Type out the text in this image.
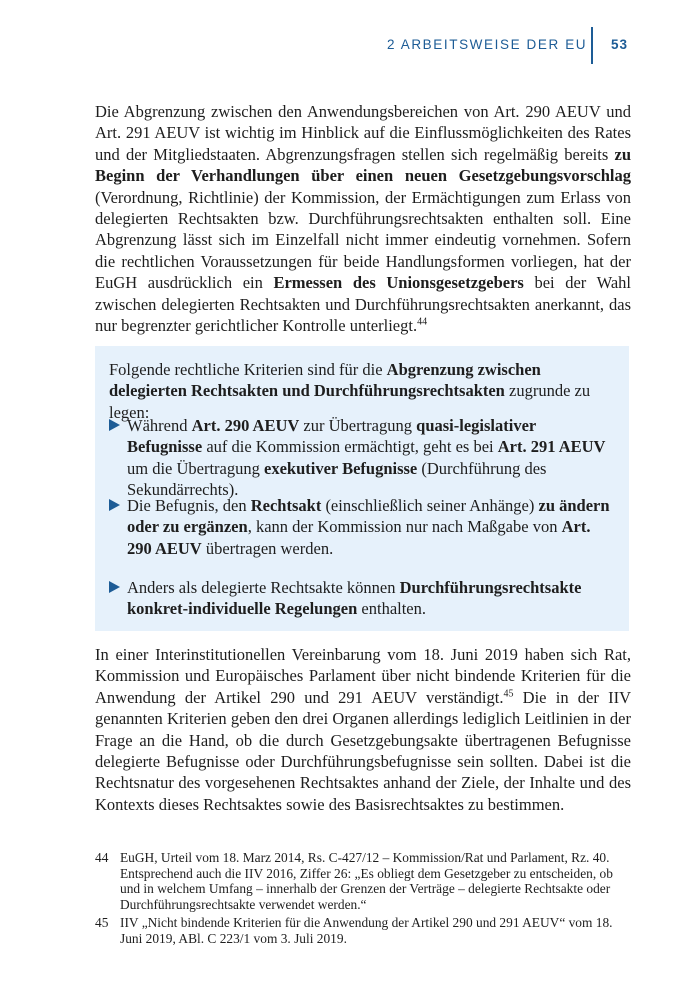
2 ARBEITSWEISE DER EU 53

Die Abgrenzung zwischen den Anwendungsbereichen von Art. 290 AEUV und Art. 291 AEUV ist wichtig im Hinblick auf die Einflussmöglichkeiten des Rates und der Mitgliedstaaten. Abgrenzungsfragen stellen sich regelmäßig bereits zu Beginn der Verhandlungen über einen neuen Gesetzgebungsvorschlag (Verordnung, Richtlinie) der Kommission, der Ermächtigungen zum Erlass von delegierten Rechtsakten bzw. Durchführungsrechtsakten enthalten soll. Eine Abgrenzung lässt sich im Einzelfall nicht immer eindeutig vornehmen. Sofern die rechtlichen Voraussetzungen für beide Handlungsformen vorliegen, hat der EuGH ausdrücklich ein Ermessen des Unionsgesetzgebers bei der Wahl zwischen delegierten Rechtsakten und Durchführungsrechtsakten anerkannt, das nur begrenzter gerichtlicher Kontrolle unterliegt.$^{44}$

Folgende rechtliche Kriterien sind für die Abgrenzung zwischen delegierten Rechtsakten und Durchführungsrechtsakten zugrunde zu legen:

Während Art. 290 AEUV zur Übertragung quasi-legislativer Befugnisse auf die Kommission ermächtigt, geht es bei Art. 291 AEUV um die Übertragung exekutiver Befugnisse (Durchführung des Sekundärrechts).

Die Befugnis, den Rechtsakt (einschließlich seiner Anhänge) zu ändern oder zu ergänzen, kann der Kommission nur nach Maßgabe von Art. 290 AEUV übertragen werden.

Anders als delegierte Rechtsakte können Durchführungsrechtsakte konkret-individuelle Regelungen enthalten.

In einer Interinstitutionellen Vereinbarung vom 18. Juni 2019 haben sich Rat, Kommission und Europäisches Parlament über nicht bindende Kriterien für die Anwendung der Artikel 290 und 291 AEUV verständigt.$^{45}$ Die in der IIV genannten Kriterien geben den drei Organen allerdings lediglich Leitlinien in der Frage an die Hand, ob die durch Gesetzgebungsakte übertragenen Befugnisse delegierte Befugnisse oder Durchführungsbefugnisse sein sollten. Dabei ist die Rechtsnatur des vorgesehenen Rechtsaktes anhand der Ziele, der Inhalte und des Kontexts dieses Rechtsaktes sowie des Basisrechtsaktes zu bestimmen.

44 EuGH, Urteil vom 18. Marz 2014, Rs. C-427/12 – Kommission/Rat und Parlament, Rz. 40. Entsprechend auch die IIV 2016, Ziffer 26: „Es obliegt dem Gesetzgeber zu entscheiden, ob und in welchem Umfang – innerhalb der Grenzen der Verträge – delegierte Rechtsakte oder Durchführungsrechtsakte verwendet werden.“
45 IIV „Nicht bindende Kriterien für die Anwendung der Artikel 290 und 291 AEUV“ vom 18. Juni 2019, ABl. C 223/1 vom 3. Juli 2019.
